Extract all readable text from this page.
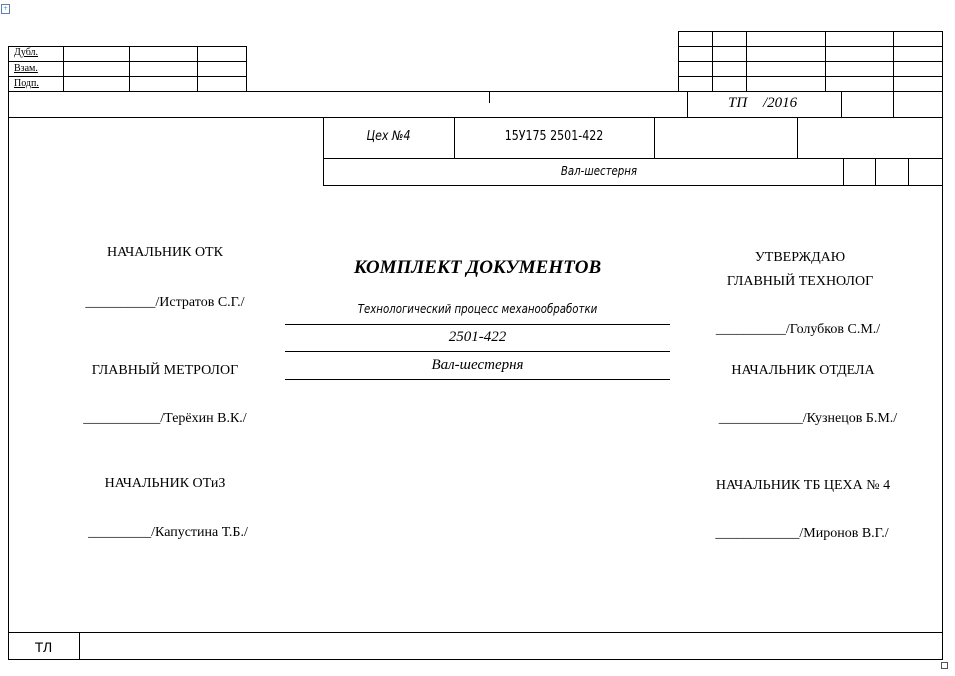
+
Дубл.
Взам.
Подп.
ТП /2016
Цех №4	15У175 2501-422
Вал-шестерня
КОМПЛЕКТ ДОКУМЕНТОВ
Технологический процесс механообработки
2501-422
Вал-шестерня
НАЧАЛЬНИК ОТК
__________/Истратов С.Г./
ГЛАВНЫЙ МЕТРОЛОГ
___________/Терёхин В.К./
НАЧАЛЬНИК ОТиЗ
_________/Капустина Т.Б./
УТВЕРЖДАЮ
ГЛАВНЫЙ ТЕХНОЛОГ
__________/Голубков С.М./
НАЧАЛЬНИК ОТДЕЛА
____________/Кузнецов Б.М./
НАЧАЛЬНИК ТБ ЦЕХА № 4
____________/Миронов В.Г./
ТЛ
